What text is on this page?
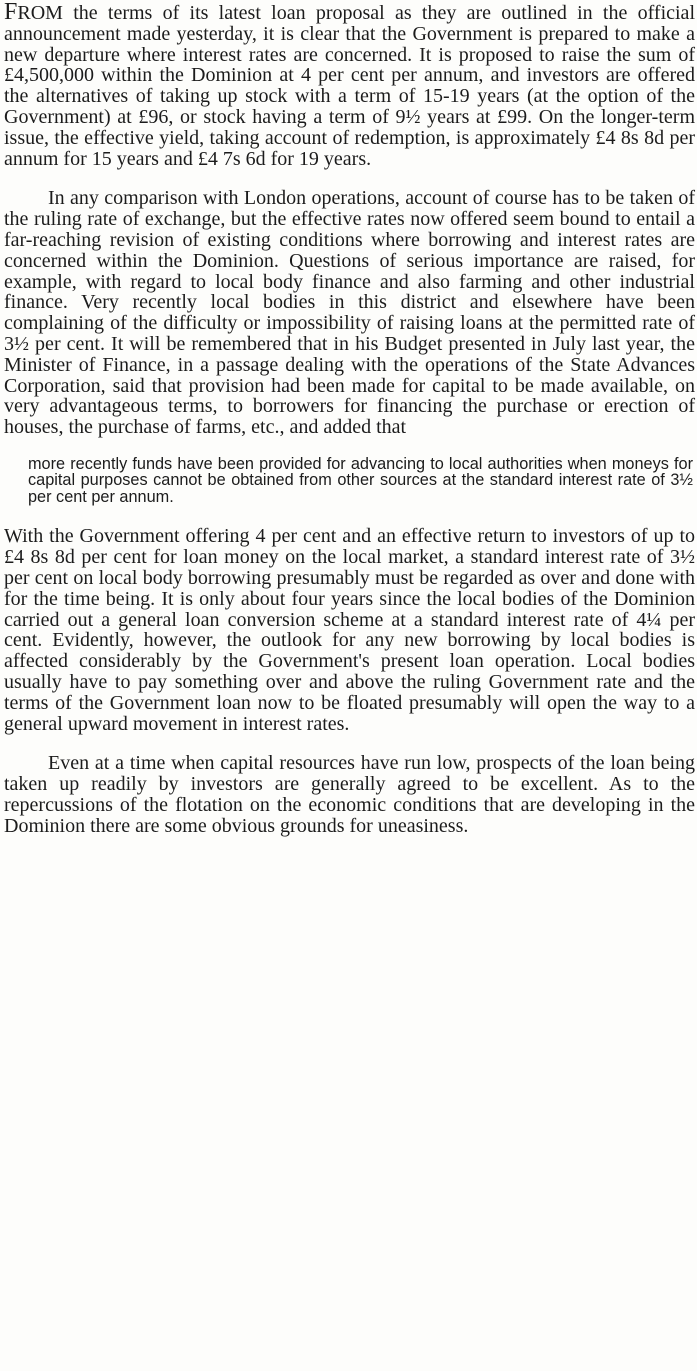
FROM the terms of its latest loan proposal as they are outlined in the official announcement made yesterday, it is clear that the Government is prepared to make a new departure where interest rates are concerned. It is proposed to raise the sum of £4,500,000 within the Dominion at 4 per cent per annum, and investors are offered the alternatives of taking up stock with a term of 15-19 years (at the option of the Government) at £96, or stock having a term of 9½ years at £99. On the longer-term issue, the effective yield, taking account of redemption, is approximately £4 8s 8d per annum for 15 years and £4 7s 6d for 19 years.

In any comparison with London operations, account of course has to be taken of the ruling rate of exchange, but the effective rates now offered seem bound to entail a far-reaching revision of existing conditions where borrowing and interest rates are concerned within the Dominion. Questions of serious importance are raised, for example, with regard to local body finance and also farming and other industrial finance. Very recently local bodies in this district and elsewhere have been complaining of the difficulty or impossibility of raising loans at the permitted rate of 3½ per cent. It will be remembered that in his Budget presented in July last year, the Minister of Finance, in a passage dealing with the operations of the State Advances Corporation, said that provision had been made for capital to be made available, on very advantageous terms, to borrowers for financing the purchase or erection of houses, the purchase of farms, etc., and added that

more recently funds have been provided for advancing to local authorities when moneys for capital purposes cannot be obtained from other sources at the standard interest rate of 3½ per cent per annum.

With the Government offering 4 per cent and an effective return to investors of up to £4 8s 8d per cent for loan money on the local market, a standard interest rate of 3½ per cent on local body borrowing presumably must be regarded as over and done with for the time being. It is only about four years since the local bodies of the Dominion carried out a general loan conversion scheme at a standard interest rate of 4¼ per cent. Evidently, however, the outlook for any new borrowing by local bodies is affected considerably by the Government's present loan operation. Local bodies usually have to pay something over and above the ruling Government rate and the terms of the Government loan now to be floated presumably will open the way to a general upward movement in interest rates.

Even at a time when capital resources have run low, prospects of the loan being taken up readily by investors are generally agreed to be excellent. As to the repercussions of the flotation on the economic conditions that are developing in the Dominion there are some obvious grounds for uneasiness.
